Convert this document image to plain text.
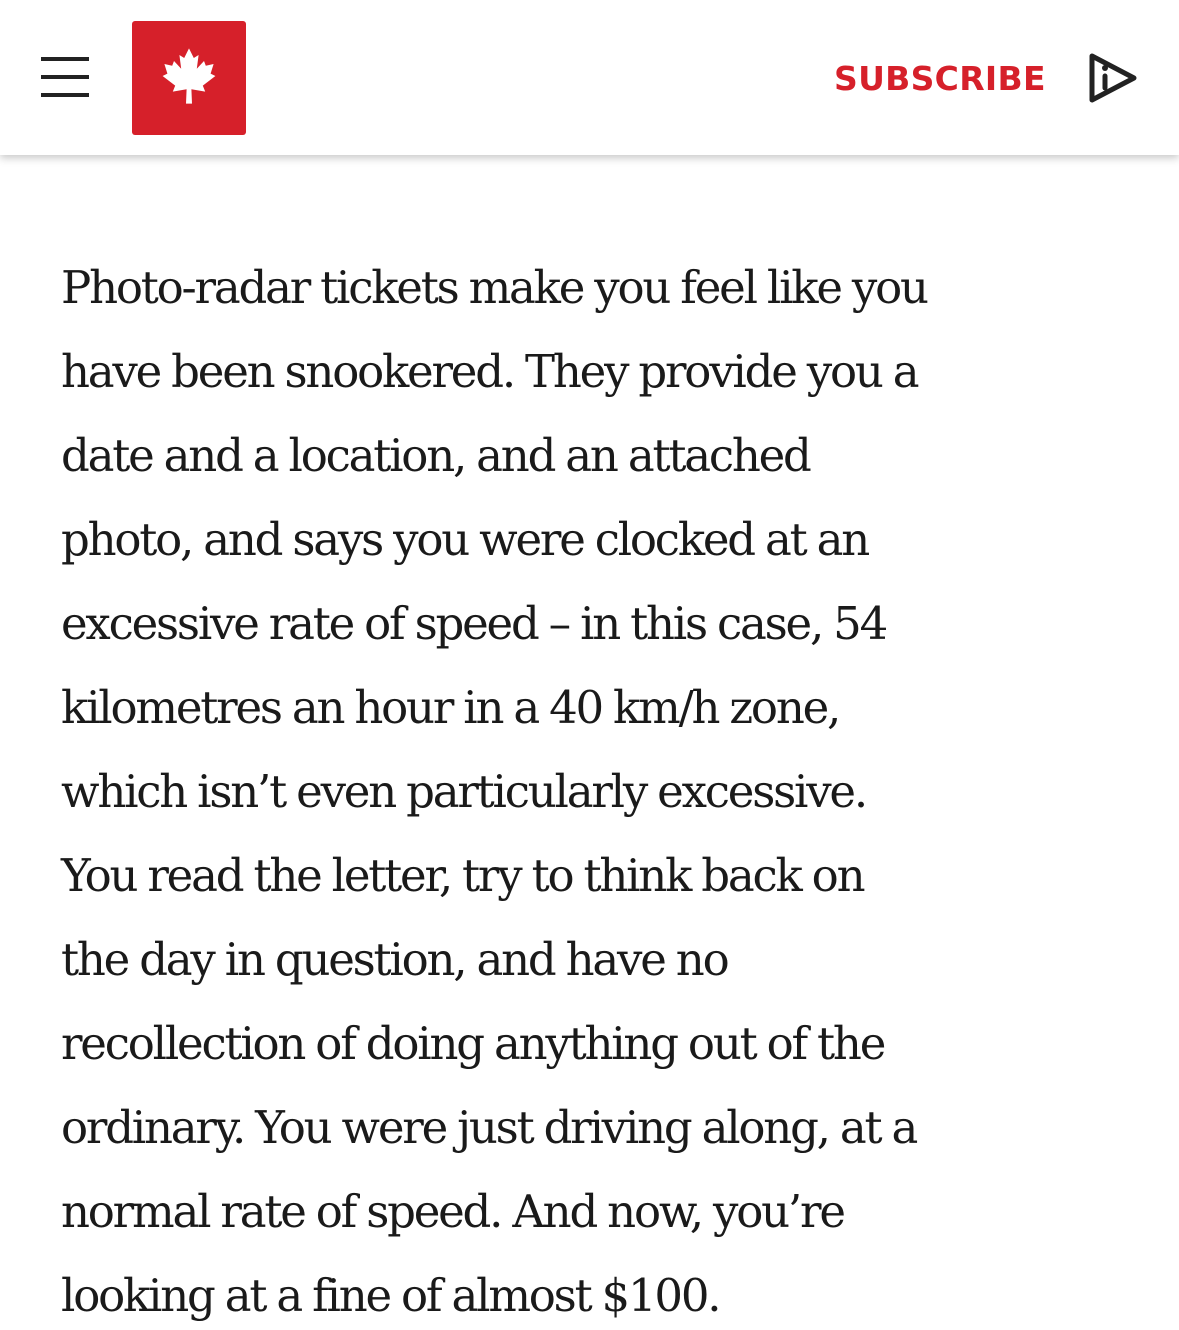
SUBSCRIBE

Photo-radar tickets make you feel like you
have been snookered. They provide you a
date and a location, and an attached
photo, and says you were clocked at an
excessive rate of speed – in this case, 54
kilometres an hour in a 40 km/h zone,
which isn’t even particularly excessive.
You read the letter, try to think back on
the day in question, and have no
recollection of doing anything out of the
ordinary. You were just driving along, at a
normal rate of speed. And now, you’re
looking at a fine of almost $100.
